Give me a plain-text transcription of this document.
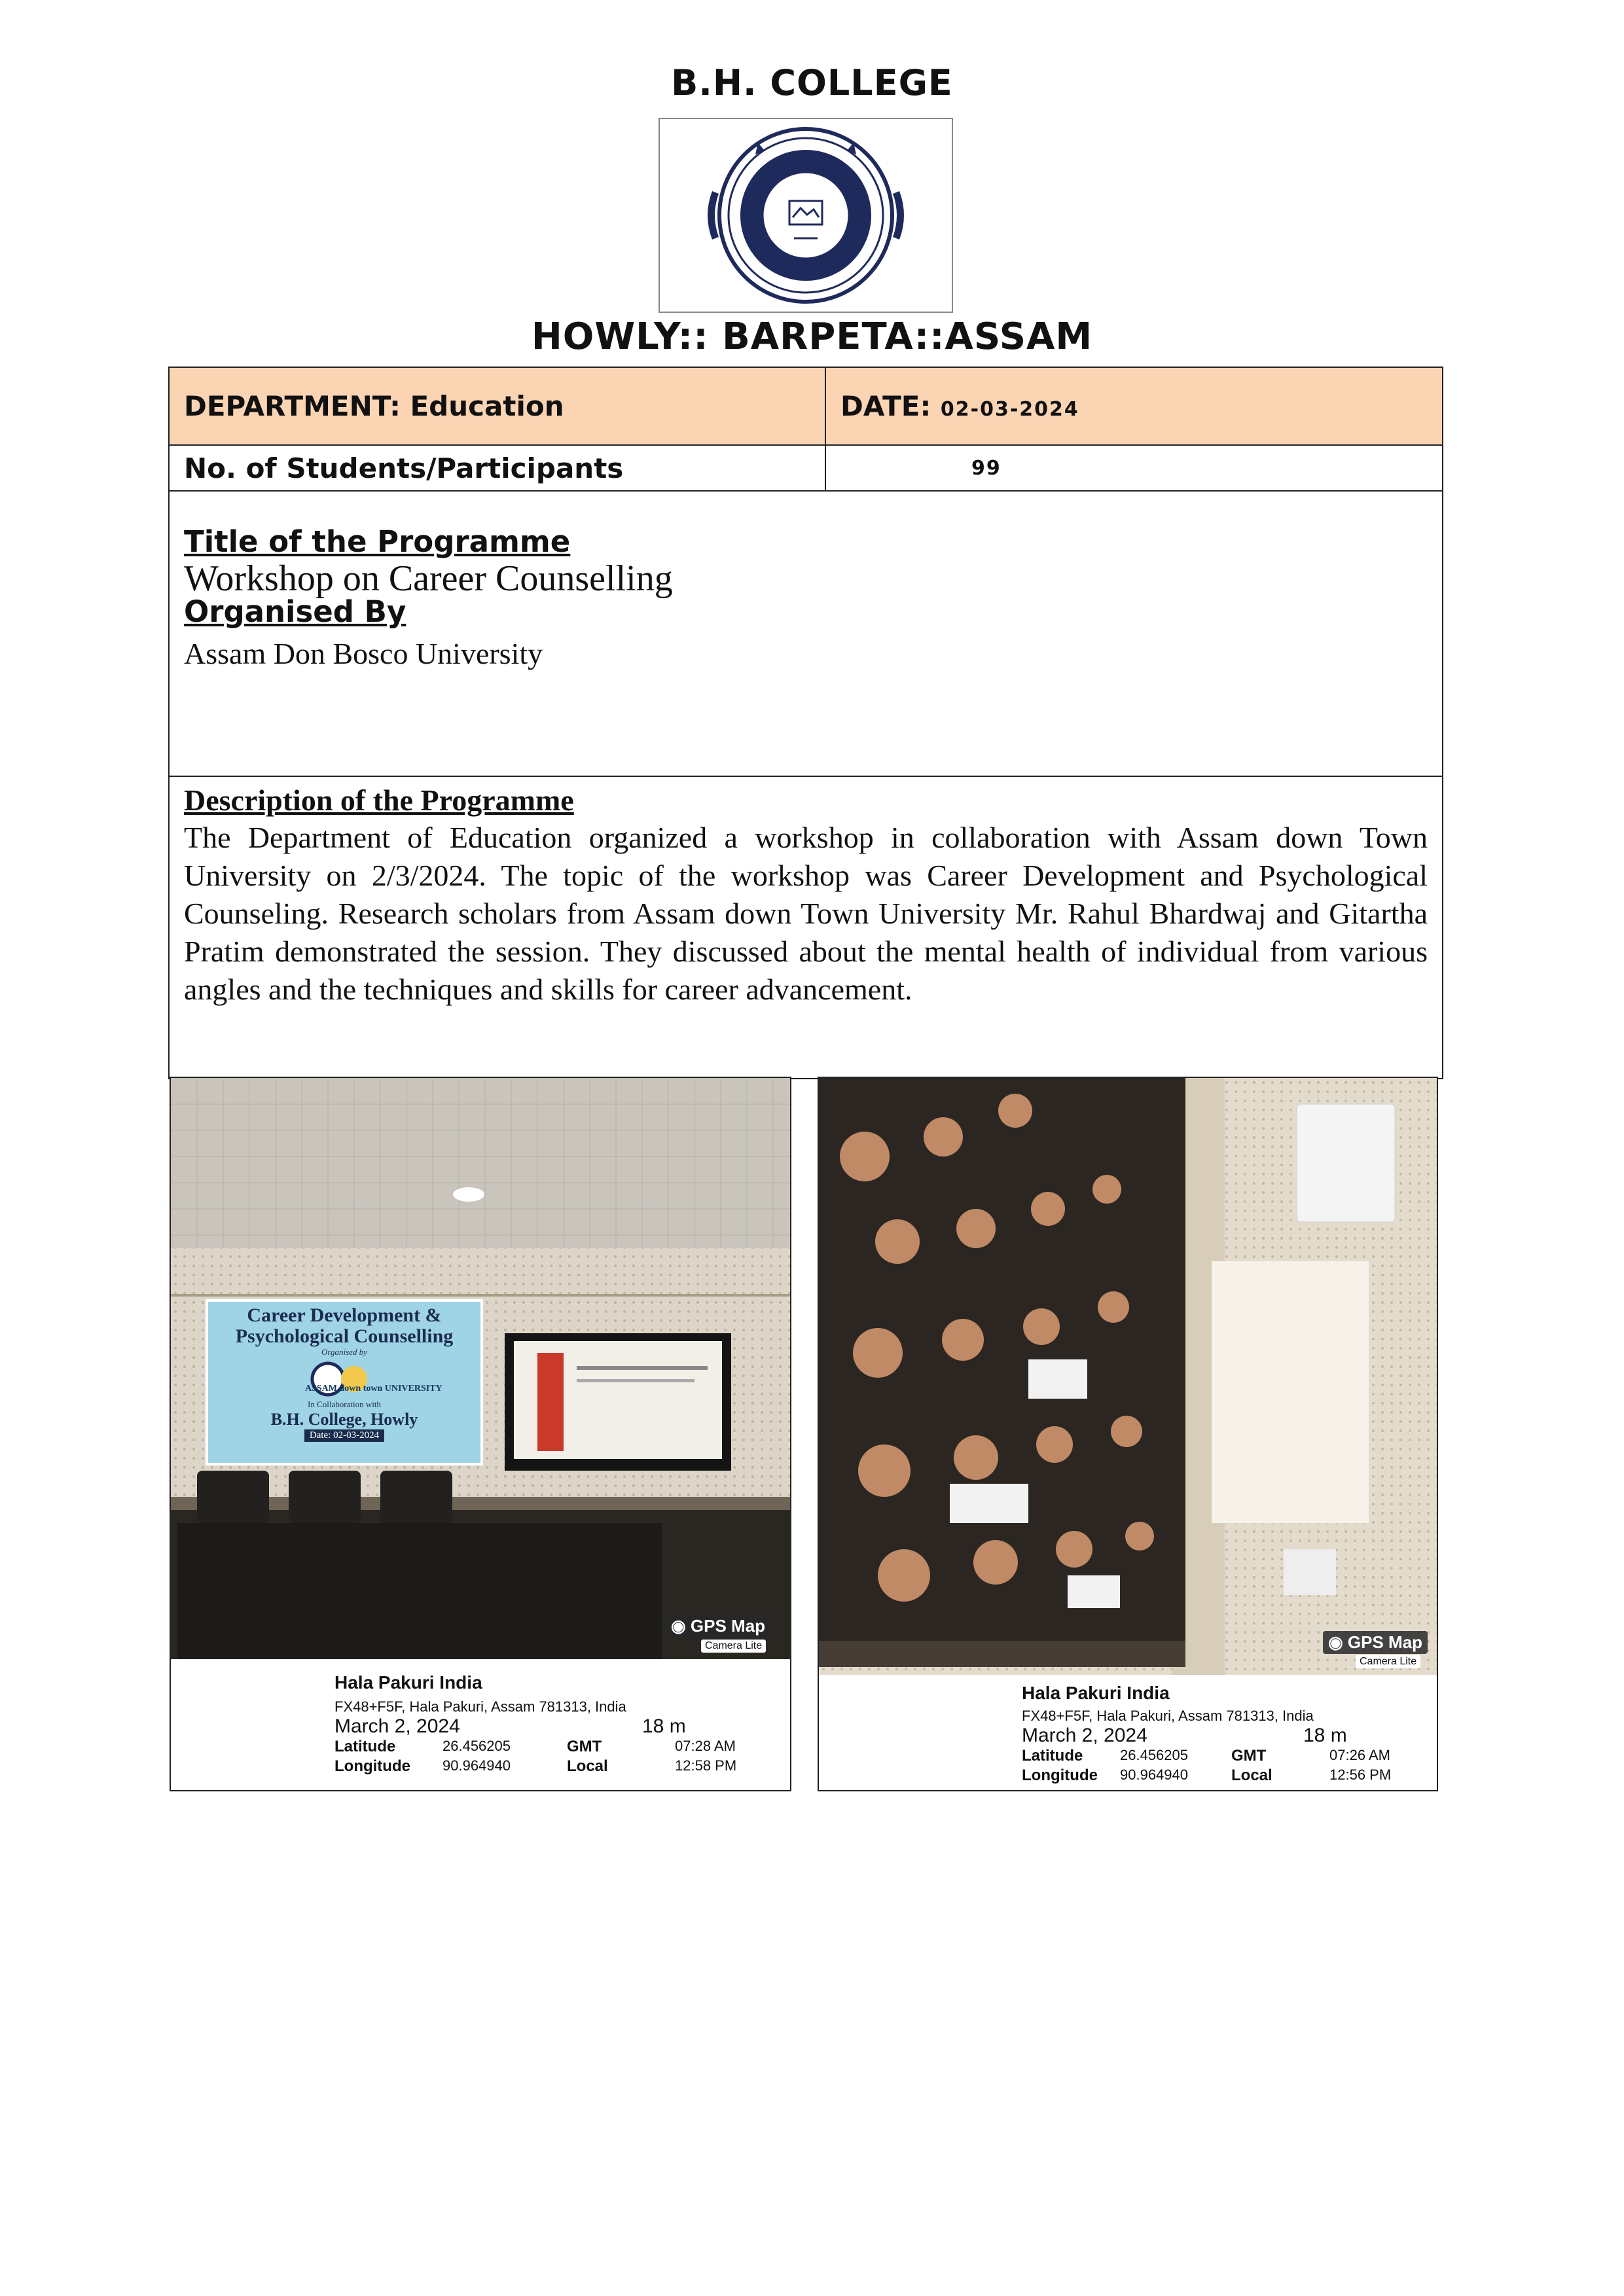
B.H. COLLEGE
HOWLY:: BARPETA::ASSAM
DEPARTMENT: Education	DATE: 02-03-2024
No. of Students/Participants	99

Title of the Programme
Workshop on Career Counselling
Organised By
Assam Don Bosco University	

Description of the Programme

The Department of Education organized a workshop in collaboration with Assam down Town University on 2/3/2024. The topic of the workshop was Career Development and Psychological Counseling. Research scholars from Assam down Town University Mr. Rahul Bhardwaj and Gitartha Pratim demonstrated the session. They discussed about the mental health of individual from various angles and the techniques and skills for career advancement.	

Career Development &
Psychological Counselling
Organised by
ASSAM down town UNIVERSITY
In Collaboration with
B.H. College, Howly
Date: 02-03-2024
◉ GPS Map
Camera Lite
Hala Pakuri India
FX48+F5F, Hala Pakuri, Assam 781313, India
March 2, 2024	18 m
Latitude	26.456205	GMT	07:28 AM
Longitude 90.964940	Local	12:58 PM
◉ GPS Map
Camera Lite
Hala Pakuri India
FX48+F5F, Hala Pakuri, Assam 781313, India
March 2, 2024	18 m
Latitude	26.456205	GMT	07:26 AM
Longitude 90.964940	Local	12:56 PM
